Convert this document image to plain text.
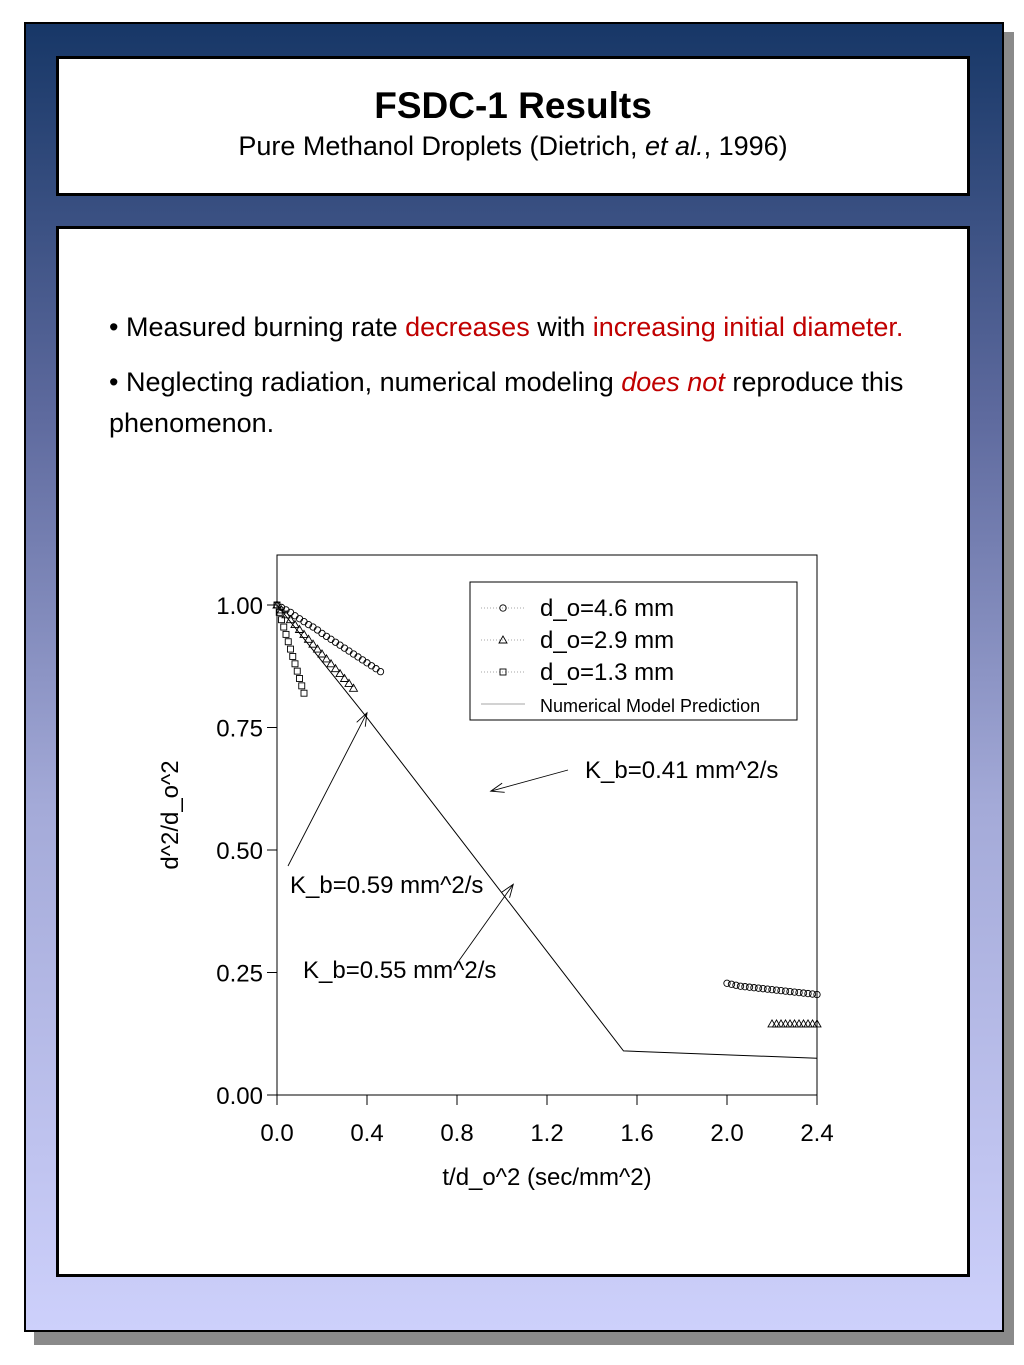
FSDC-1 Results
Pure Methanol Droplets (Dietrich, et al., 1996)

• Measured burning rate decreases with increasing initial diameter.

• Neglecting radiation, numerical modeling does not reproduce this phenomenon.

0.0 0.4 0.8 1.2 1.6 2.0 2.4
0.00
0.25
0.50
0.75
1.00
t/d_o^2 (sec/mm^2)
d^2/d_o^2
d_o=4.6 mm
d_o=2.9 mm
d_o=1.3 mm
Numerical Model Prediction
K_b=0.41 mm^2/s
K_b=0.59 mm^2/s
K_b=0.55 mm^2/s
